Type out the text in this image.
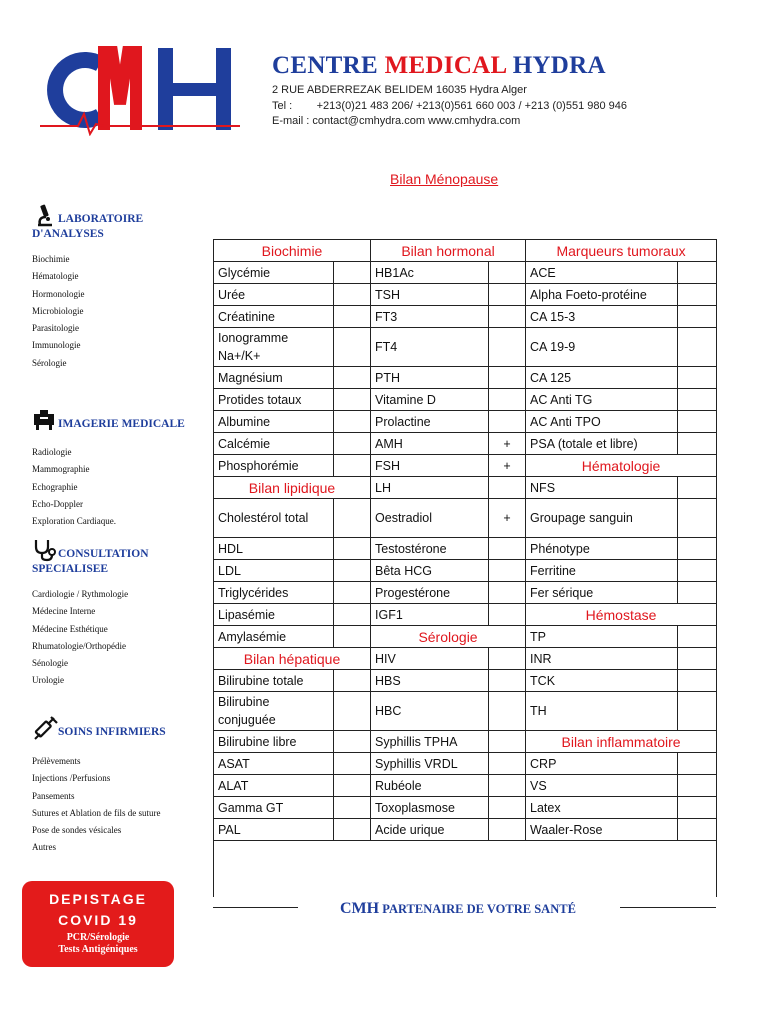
CENTRE MEDICAL HYDRA
2 RUE ABDERREZAK BELIDEM 16035 Hydra Alger
Tel :        +213(0)21 483 206/ +213(0)561 660 003 / +213 (0)551 980 946
E-mail : contact@cmhydra.com www.cmhydra.com
Bilan Ménopause
LABORATOIRE
D'ANALYSES
Biochimie
Hématologie
Hormonologie
Microbiologie
Parasitologie
Immunologie
Sérologie
IMAGERIE MEDICALE
Radiologie
Mammographie
Echographie
Echo-Doppler
Exploration Cardiaque.
CONSULTATION
SPECIALISEE
Cardiologie / Rythmologie
Médecine Interne
Médecine Esthétique
Rhumatologie/Orthopédie
Sénologie
Urologie
SOINS INFIRMIERS
Prélèvements
Injections /Perfusions
Pansements
Sutures et Ablation de fils de suture
Pose de sondes vésicales
Autres
DEPISTAGE
COVID 19
PCR/Sérologie
Tests Antigéniques
Biochimie		Bilan hormonal		Marqueurs tumoraux	
Glycémie		HB1Ac		ACE	
Urée		TSH		Alpha Foeto-protéine	
Créatinine		FT3		CA 15-3	
Ionogramme Na+/K+		FT4		CA 19-9	
Magnésium		PTH		CA 125	
Protides totaux		Vitamine D		AC Anti TG	
Albumine		Prolactine		AC Anti TPO	
Calcémie		AMH	+	PSA (totale et libre)	
Phosphorémie		FSH	+	Hématologie	
Bilan lipidique		LH		NFS	
Cholestérol total		Oestradiol	+	Groupage sanguin	
HDL		Testostérone		Phénotype	
LDL		Bêta HCG		Ferritine	
Triglycérides		Progestérone		Fer sérique	
Lipasémie		IGF1		Hémostase	
Amylasémie		Sérologie		TP	
Bilan hépatique		HIV		INR	
Bilirubine totale		HBS		TCK	
Bilirubine conjuguée		HBC		TH	
Bilirubine libre		Syphillis TPHA		Bilan inflammatoire	
ASAT		Syphillis VRDL		CRP	
ALAT		Rubéole		VS	
Gamma GT		Toxoplasmose		Latex	
PAL		Acide urique		Waaler-Rose	

CMH PARTENAIRE DE VOTRE SANTÉ
